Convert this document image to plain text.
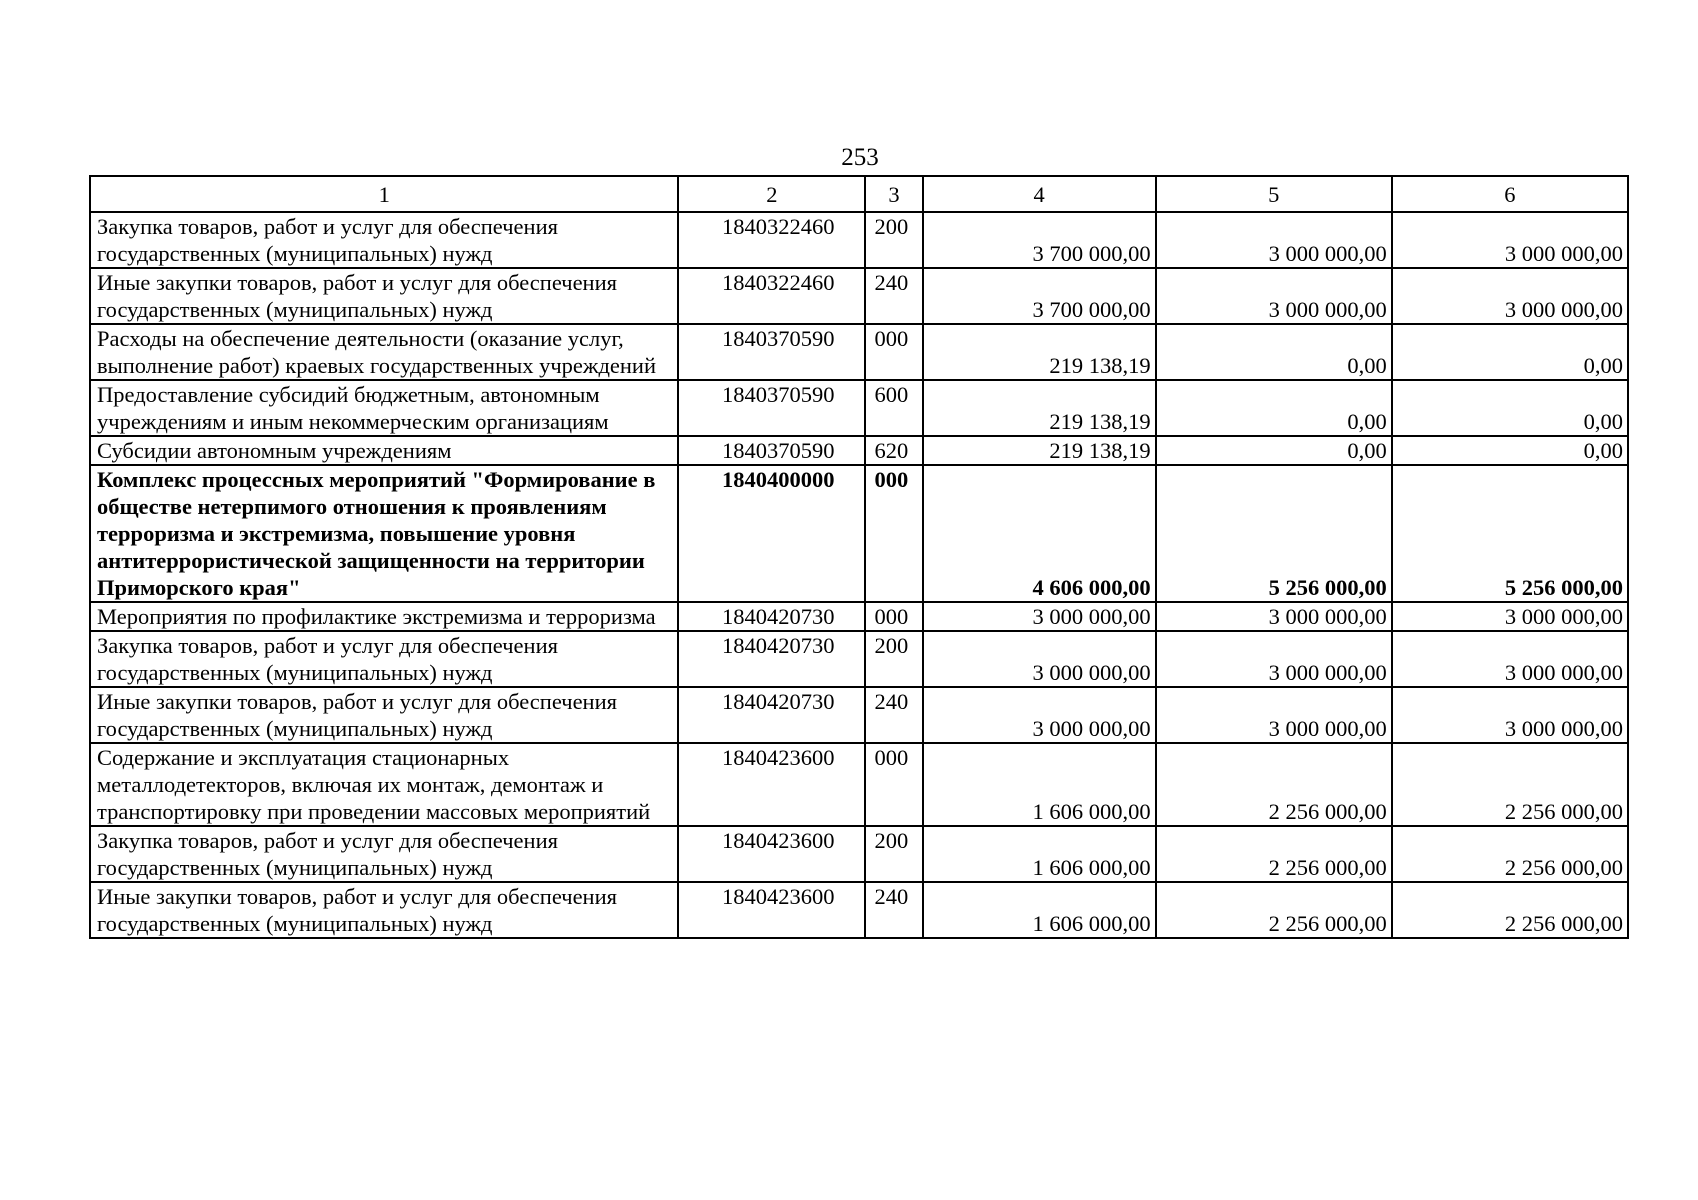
253
1	2	3	4	5	6
Закупка товаров, работ и услуг для обеспечения государственных (муниципальных) нужд	1840322460	200	3 700 000,00	3 000 000,00	3 000 000,00
Иные закупки товаров, работ и услуг для обеспечения государственных (муниципальных) нужд	1840322460	240	3 700 000,00	3 000 000,00	3 000 000,00
Расходы на обеспечение деятельности (оказание услуг, выполнение работ) краевых государственных учреждений	1840370590	000	219 138,19	0,00	0,00
Предоставление субсидий бюджетным, автономным учреждениям и иным некоммерческим организациям	1840370590	600	219 138,19	0,00	0,00
Субсидии автономным учреждениям	1840370590	620	219 138,19	0,00	0,00
Комплекс процессных мероприятий "Формирование в обществе нетерпимого отношения к проявлениям терроризма и экстремизма, повышение уровня антитеррористической защищенности на территории Приморского края"	1840400000	000	4 606 000,00	5 256 000,00	5 256 000,00
Мероприятия по профилактике экстремизма и терроризма	1840420730	000	3 000 000,00	3 000 000,00	3 000 000,00
Закупка товаров, работ и услуг для обеспечения государственных (муниципальных) нужд	1840420730	200	3 000 000,00	3 000 000,00	3 000 000,00
Иные закупки товаров, работ и услуг для обеспечения государственных (муниципальных) нужд	1840420730	240	3 000 000,00	3 000 000,00	3 000 000,00
Содержание и эксплуатация стационарных металлодетекторов, включая их монтаж, демонтаж и транспортировку при проведении массовых мероприятий	1840423600	000	1 606 000,00	2 256 000,00	2 256 000,00
Закупка товаров, работ и услуг для обеспечения государственных (муниципальных) нужд	1840423600	200	1 606 000,00	2 256 000,00	2 256 000,00
Иные закупки товаров, работ и услуг для обеспечения государственных (муниципальных) нужд	1840423600	240	1 606 000,00	2 256 000,00	2 256 000,00
